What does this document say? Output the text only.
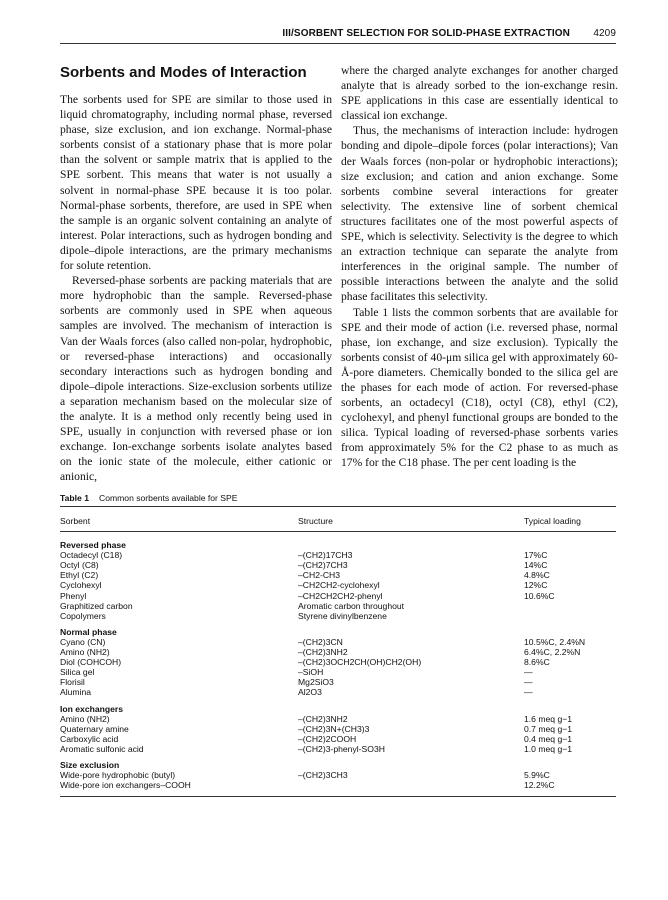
III/SORBENT SELECTION FOR SOLID-PHASE EXTRACTION 4209
Sorbents and Modes of Interaction

The sorbents used for SPE are similar to those used in liquid chromatography, including normal phase, reversed phase, size exclusion, and ion exchange. Normal-phase sorbents consist of a stationary phase that is more polar than the solvent or sample matrix that is applied to the SPE sorbent. This means that water is not usually a solvent in normal-phase SPE because it is too polar. Normal-phase sorbents, therefore, are used in SPE when the sample is an organic solvent containing an analyte of interest. Polar interactions, such as hydrogen bonding and dipole–dipole interactions, are the primary mechanisms for solute retention.

Reversed-phase sorbents are packing materials that are more hydrophobic than the sample. Reversed-phase sorbents are commonly used in SPE when aqueous samples are involved. The mechanism of interaction is Van der Waals forces (also called non-polar, hydrophobic, or reversed-phase interactions) and occasionally secondary interactions such as hydrogen bonding and dipole–dipole interactions. Size-exclusion sorbents utilize a separation mechanism based on the molecular size of the analyte. It is a method only recently being used in SPE, usually in conjunction with reversed phase or ion exchange. Ion-exchange sorbents isolate analytes based on the ionic state of the molecule, either cationic or anionic,

where the charged analyte exchanges for another charged analyte that is already sorbed to the ion-exchange resin. SPE applications in this case are essentially identical to classical ion exchange.

Thus, the mechanisms of interaction include: hydrogen bonding and dipole–dipole forces (polar interactions); Van der Waals forces (non-polar or hydrophobic interactions); size exclusion; and cation and anion exchange. Some sorbents combine several interactions for greater selectivity. The extensive line of sorbent chemical structures facilitates one of the most powerful aspects of SPE, which is selectivity. Selectivity is the degree to which an extraction technique can separate the analyte from interferences in the original sample. The number of possible interactions between the analyte and the solid phase facilitates this selectivity.

Table 1 lists the common sorbents that are available for SPE and their mode of action (i.e. reversed phase, normal phase, ion exchange, and size exclusion). Typically the sorbents consist of 40-μm silica gel with approximately 60-Å-pore diameters. Chemically bonded to the silica gel are the phases for each mode of action. For reversed-phase sorbents, an octadecyl (C18), octyl (C8), ethyl (C2), cyclohexyl, and phenyl functional groups are bonded to the silica. Typical loading of reversed-phase sorbents varies from approximately 5% for the C2 phase to as much as 17% for the C18 phase. The per cent loading is the

Table 1 Common sorbents available for SPE
Sorbent	Structure	Typical loading
Reversed phase		
Octadecyl (C18)	–(CH2)17CH3	17%C
Octyl (C8)	–(CH2)7CH3	14%C
Ethyl (C2)	–CH2-CH3	4.8%C
Cyclohexyl	–CH2CH2-cyclohexyl	12%C
Phenyl	–CH2CH2CH2-phenyl	10.6%C
Graphitized carbon	Aromatic carbon throughout	
Copolymers	Styrene divinylbenzene	
Normal phase		
Cyano (CN)	–(CH2)3CN	10.5%C, 2.4%N
Amino (NH2)	–(CH2)3NH2	6.4%C, 2.2%N
Diol (COHCOH)	–(CH2)3OCH2CH(OH)CH2(OH)	8.6%C
Silica gel	–SiOH	—
Florisil	Mg2SiO3	—
Alumina	Al2O3	—
Ion exchangers		
Amino (NH2)	–(CH2)3NH2	1.6 meq g−1
Quaternary amine	–(CH2)3N+(CH3)3	0.7 meq g−1
Carboxylic acid	–(CH2)2COOH	0.4 meq g−1
Aromatic sulfonic acid	–(CH2)3-phenyl-SO3H	1.0 meq g−1
Size exclusion		
Wide-pore hydrophobic (butyl)	–(CH2)3CH3	5.9%C
Wide-pore ion exchangers–COOH		12.2%C
